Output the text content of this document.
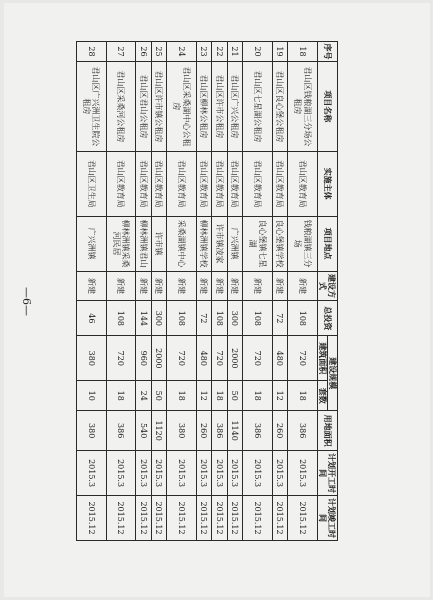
序号	项目名称	实施主体	项目地点	建设方式	总投资	建设规模		用地面积	计划开工时间	计划竣工时间
						建筑面积	套数			
18	君山区钱粮湖三分场公租房	君山区教育局	钱粮湖镇三分场	新建	108	720	18	386	2015.3	2015.12
19	君山区良心堡公租房	君山区教育局	良心堡镇学校	新建	72	480	12	260	2015.3	2015.12
20	君山区七星湖公租房	君山区教育局	良心堡镇七星湖	新建	108	720	18	386	2015.3	2015.12
21	君山区广兴公租房	君山区教育局	广兴洲镇	新建	300	2000	50	1140	2015.3	2015.12
22	君山区许市公租房	君山区教育局	许市镇凌家	新建	108	720	18	386	2015.3	2015.12
23	君山区柳林公租房	君山区教育局	柳林洲镇学校	新建	72	480	12	260	2015.3	2015.12
24	君山区采桑湖中心公租房	君山区教育局	采桑湖镇中心	新建	108	720	18	380	2015.3	2015.12
25	君山区许市镇公租房	君山区教育局	许市镇	新建	300	2000	50	1120	2015.3	2015.12
26	君山区君山公租房	君山区教育局	柳林洲镇君山	新建	144	960	24	540	2015.3	2015.12
27	君山区采桑河公租房	君山区教育局	柳林洲镇采桑河民居	新建	108	720	18	386	2015.3	2015.12
28	君山区广兴洲卫生院公租房	君山区卫生局	广兴洲镇	新建	46	380	10	380	2015.3	2015.12
—6—
